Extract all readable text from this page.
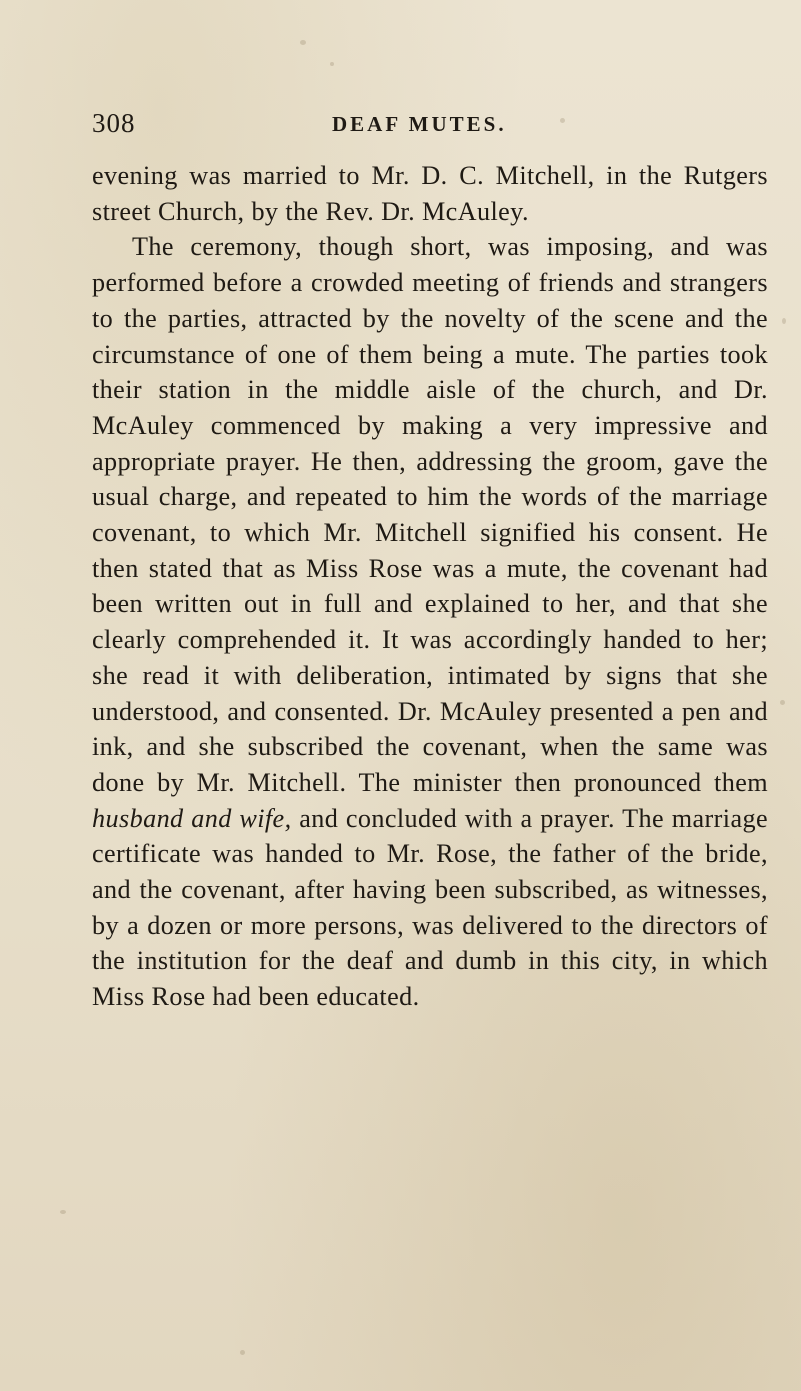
308	DEAF MUTES.

evening was married to Mr. D. C. Mitchell, in the Rutgers street Church, by the Rev. Dr. McAuley.

The ceremony, though short, was imposing, and was performed before a crowded meeting of friends and strangers to the parties, attracted by the novelty of the scene and the circumstance of one of them being a mute. The parties took their station in the middle aisle of the church, and Dr. McAuley commenced by making a very impressive and appropriate prayer. He then, addressing the groom, gave the usual charge, and repeated to him the words of the marriage covenant, to which Mr. Mitchell signified his consent. He then stated that as Miss Rose was a mute, the covenant had been written out in full and explained to her, and that she clearly comprehended it. It was accordingly handed to her; she read it with deliberation, intimated by signs that she understood, and consented. Dr. McAuley presented a pen and ink, and she subscribed the covenant, when the same was done by Mr. Mitchell. The minister then pronounced them husband and wife, and concluded with a prayer. The marriage certificate was handed to Mr. Rose, the father of the bride, and the covenant, after having been subscribed, as witnesses, by a dozen or more persons, was delivered to the directors of the institution for the deaf and dumb in this city, in which Miss Rose had been educated.
